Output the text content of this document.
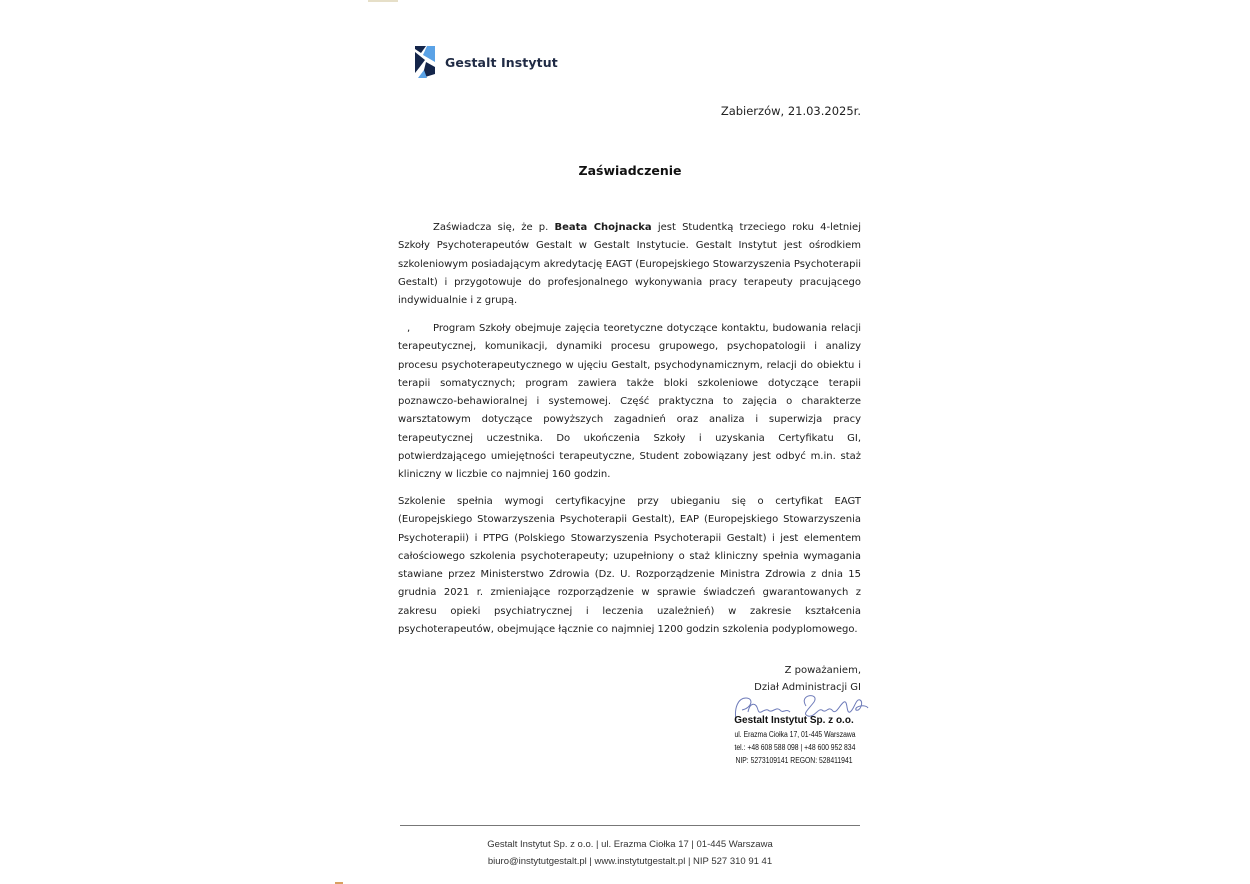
Gestalt Instytut
Zabierzów, 21.03.2025r.
Zaświadczenie
Zaświadcza się, że p. Beata Chojnacka jest Studentką trzeciego roku 4-letniej Szkoły Psychoterapeutów Gestalt w Gestalt Instytucie. Gestalt Instytut jest ośrodkiem szkoleniowym posiadającym akredytację EAGT (Europejskiego Stowarzyszenia Psychoterapii Gestalt) i przygotowuje do profesjonalnego wykonywania pracy terapeuty pracującego indywidualnie i z grupą.
, Program Szkoły obejmuje zajęcia teoretyczne dotyczące kontaktu, budowania relacji terapeutycznej, komunikacji, dynamiki procesu grupowego, psychopatologii i analizy procesu psychoterapeutycznego w ujęciu Gestalt, psychodynamicznym, relacji do obiektu i terapii somatycznych; program zawiera także bloki szkoleniowe dotyczące terapii poznawczo-behawioralnej i systemowej. Część praktyczna to zajęcia o charakterze warsztatowym dotyczące powyższych zagadnień oraz analiza i superwizja pracy terapeutycznej uczestnika. Do ukończenia Szkoły i uzyskania Certyfikatu GI, potwierdzającego umiejętności terapeutyczne, Student zobowiązany jest odbyć m.in. staż kliniczny w liczbie co najmniej 160 godzin.
Szkolenie spełnia wymogi certyfikacyjne przy ubieganiu się o certyfikat EAGT (Europejskiego Stowarzyszenia Psychoterapii Gestalt), EAP (Europejskiego Stowarzyszenia Psychoterapii) i PTPG (Polskiego Stowarzyszenia Psychoterapii Gestalt) i jest elementem całościowego szkolenia psychoterapeuty; uzupełniony o staż kliniczny spełnia wymagania stawiane przez Ministerstwo Zdrowia (Dz. U. Rozporządzenie Ministra Zdrowia z dnia 15 grudnia 2021 r. zmieniające rozporządzenie w sprawie świadczeń gwarantowanych z zakresu opieki psychiatrycznej i leczenia uzależnień) w zakresie kształcenia psychoterapeutów, obejmujące łącznie co najmniej 1200 godzin szkolenia podyplomowego.
Z poważaniem,
Dział Administracji GI
Gestalt Instytut Sp. z o.o.
ul. Erazma Ciołka 17, 01-445 Warszawa
tel.: +48 608 588 098 | +48 600 952 834
NIP: 5273109141 REGON: 528411941
Gestalt Instytut Sp. z o.o. | ul. Erazma Ciołka 17 | 01-445 Warszawa
biuro@instytutgestalt.pl | www.instytutgestalt.pl | NIP 527 310 91 41
